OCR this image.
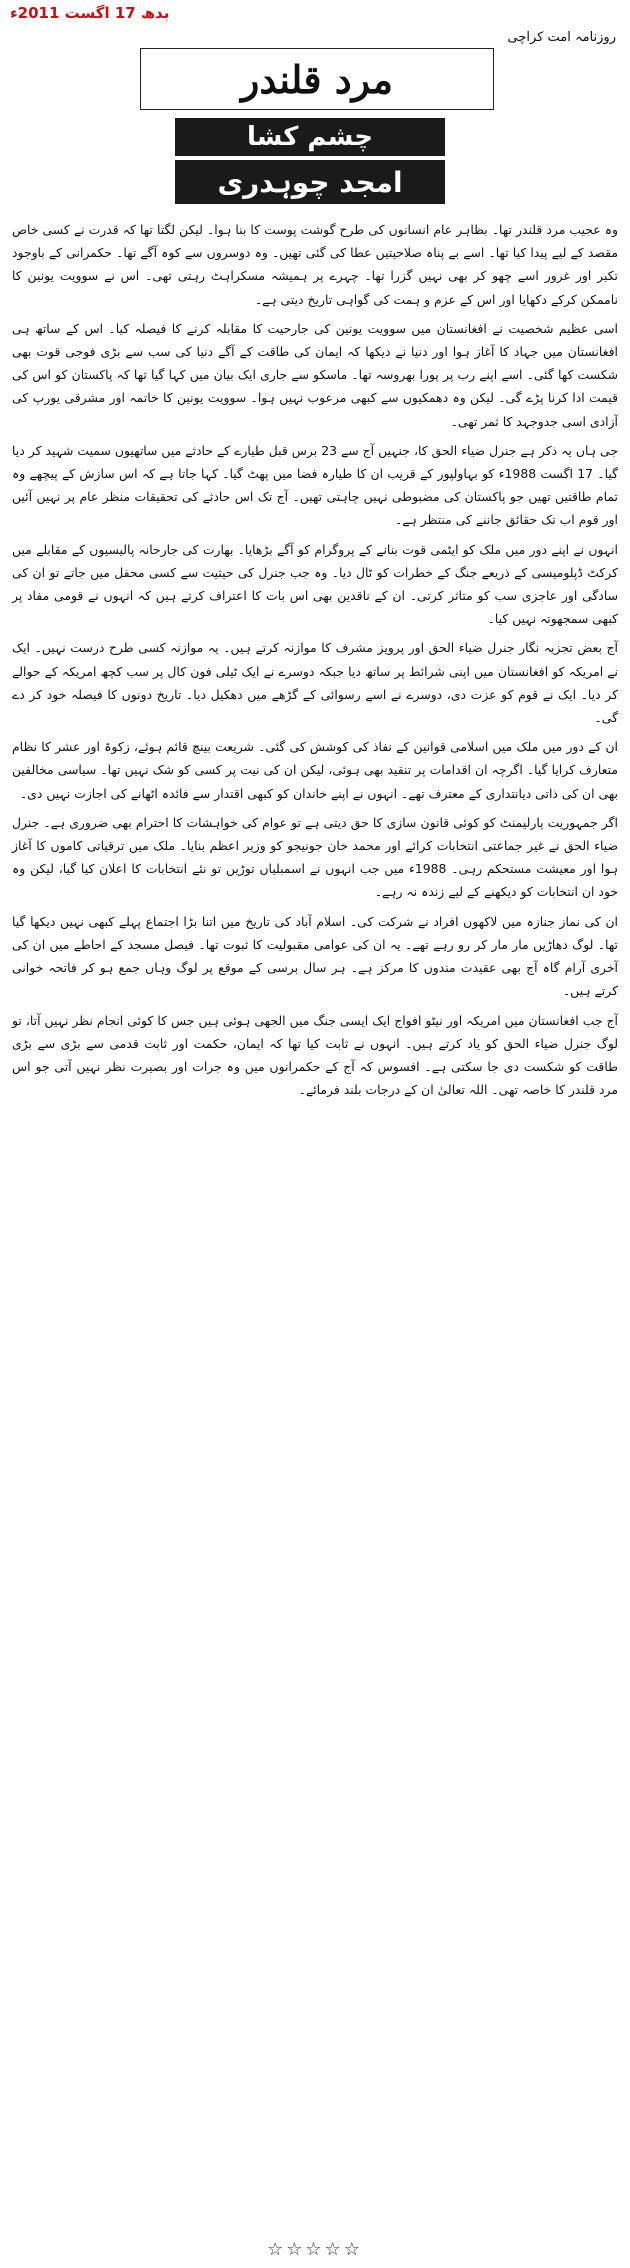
بدھ 17 اگست 2011ء
روزنامہ امت کراچی
مرد قلندر
چشم کشا
امجد چوہدری

وہ عجیب مرد قلندر تھا۔ بظاہر عام انسانوں کی طرح گوشت پوست کا بنا ہوا۔ لیکن لگتا تھا کہ قدرت نے کسی خاص مقصد کے لیے پیدا کیا تھا۔ اسے بے پناہ صلاحیتیں عطا کی گئی تھیں۔ وہ دوسروں سے کوہ آگے تھا۔ حکمرانی کے باوجود تکبر اور غرور اسے چھو کر بھی نہیں گزرا تھا۔ چہرے پر ہمیشہ مسکراہٹ رہتی تھی۔ اس نے سوویت یونین کا ناممکن کرکے دکھایا اور اس کے عزم و ہمت کی گواہی تاریخ دیتی ہے۔

اسی عظیم شخصیت نے افغانستان میں سوویت یونین کی جارحیت کا مقابلہ کرنے کا فیصلہ کیا۔ اس کے ساتھ ہی افغانستان میں جہاد کا آغاز ہوا اور دنیا نے دیکھا کہ ایمان کی طاقت کے آگے دنیا کی سب سے بڑی فوجی قوت بھی شکست کھا گئی۔ اسے اپنے رب پر پورا بھروسہ تھا۔ ماسکو سے جاری ایک بیان میں کہا گیا تھا کہ پاکستان کو اس کی قیمت ادا کرنا پڑے گی۔ لیکن وہ دھمکیوں سے کبھی مرعوب نہیں ہوا۔ سوویت یونین کا خاتمہ اور مشرقی یورپ کی آزادی اسی جدوجہد کا ثمر تھی۔

جی ہاں یہ ذکر ہے جنرل ضیاء الحق کا، جنہیں آج سے 23 برس قبل طیارے کے حادثے میں ساتھیوں سمیت شہید کر دیا گیا۔ 17 اگست 1988ء کو بہاولپور کے قریب ان کا طیارہ فضا میں پھٹ گیا۔ کہا جاتا ہے کہ اس سازش کے پیچھے وہ تمام طاقتیں تھیں جو پاکستان کی مضبوطی نہیں چاہتی تھیں۔ آج تک اس حادثے کی تحقیقات منظر عام پر نہیں آئیں اور قوم اب تک حقائق جاننے کی منتظر ہے۔

انہوں نے اپنے دور میں ملک کو ایٹمی قوت بنانے کے پروگرام کو آگے بڑھایا۔ بھارت کی جارحانہ پالیسیوں کے مقابلے میں کرکٹ ڈپلومیسی کے ذریعے جنگ کے خطرات کو ٹال دیا۔ وہ جب جنرل کی حیثیت سے کسی محفل میں جاتے تو ان کی سادگی اور عاجزی سب کو متاثر کرتی۔ ان کے ناقدین بھی اس بات کا اعتراف کرتے ہیں کہ انہوں نے قومی مفاد پر کبھی سمجھوتہ نہیں کیا۔

آج بعض تجزیہ نگار جنرل ضیاء الحق اور پرویز مشرف کا موازنہ کرتے ہیں۔ یہ موازنہ کسی طرح درست نہیں۔ ایک نے امریکہ کو افغانستان میں اپنی شرائط پر ساتھ دیا جبکہ دوسرے نے ایک ٹیلی فون کال پر سب کچھ امریکہ کے حوالے کر دیا۔ ایک نے قوم کو عزت دی، دوسرے نے اسے رسوائی کے گڑھے میں دھکیل دیا۔ تاریخ دونوں کا فیصلہ خود کر دے گی۔

ان کے دور میں ملک میں اسلامی قوانین کے نفاذ کی کوشش کی گئی۔ شریعت بینچ قائم ہوئے، زکوۃ اور عشر کا نظام متعارف کرایا گیا۔ اگرچہ ان اقدامات پر تنقید بھی ہوئی، لیکن ان کی نیت پر کسی کو شک نہیں تھا۔ سیاسی مخالفین بھی ان کی ذاتی دیانتداری کے معترف تھے۔ انہوں نے اپنے خاندان کو کبھی اقتدار سے فائدہ اٹھانے کی اجازت نہیں دی۔

اگر جمہوریت پارلیمنٹ کو کوئی قانون سازی کا حق دیتی ہے تو عوام کی خواہشات کا احترام بھی ضروری ہے۔ جنرل ضیاء الحق نے غیر جماعتی انتخابات کرائے اور محمد خان جونیجو کو وزیر اعظم بنایا۔ ملک میں ترقیاتی کاموں کا آغاز ہوا اور معیشت مستحکم رہی۔ 1988ء میں جب انہوں نے اسمبلیاں توڑیں تو نئے انتخابات کا اعلان کیا گیا، لیکن وہ خود ان انتخابات کو دیکھنے کے لیے زندہ نہ رہے۔

ان کی نماز جنازہ میں لاکھوں افراد نے شرکت کی۔ اسلام آباد کی تاریخ میں اتنا بڑا اجتماع پہلے کبھی نہیں دیکھا گیا تھا۔ لوگ دھاڑیں مار مار کر رو رہے تھے۔ یہ ان کی عوامی مقبولیت کا ثبوت تھا۔ فیصل مسجد کے احاطے میں ان کی آخری آرام گاہ آج بھی عقیدت مندوں کا مرکز ہے۔ ہر سال برسی کے موقع پر لوگ وہاں جمع ہو کر فاتحہ خوانی کرتے ہیں۔

آج جب افغانستان میں امریکہ اور نیٹو افواج ایک ایسی جنگ میں الجھی ہوئی ہیں جس کا کوئی انجام نظر نہیں آتا، تو لوگ جنرل ضیاء الحق کو یاد کرتے ہیں۔ انہوں نے ثابت کیا تھا کہ ایمان، حکمت اور ثابت قدمی سے بڑی سے بڑی طاقت کو شکست دی جا سکتی ہے۔ افسوس کہ آج کے حکمرانوں میں وہ جرات اور بصیرت نظر نہیں آتی جو اس مرد قلندر کا خاصہ تھی۔ اللہ تعالیٰ ان کے درجات بلند فرمائے۔

☆☆☆☆☆
